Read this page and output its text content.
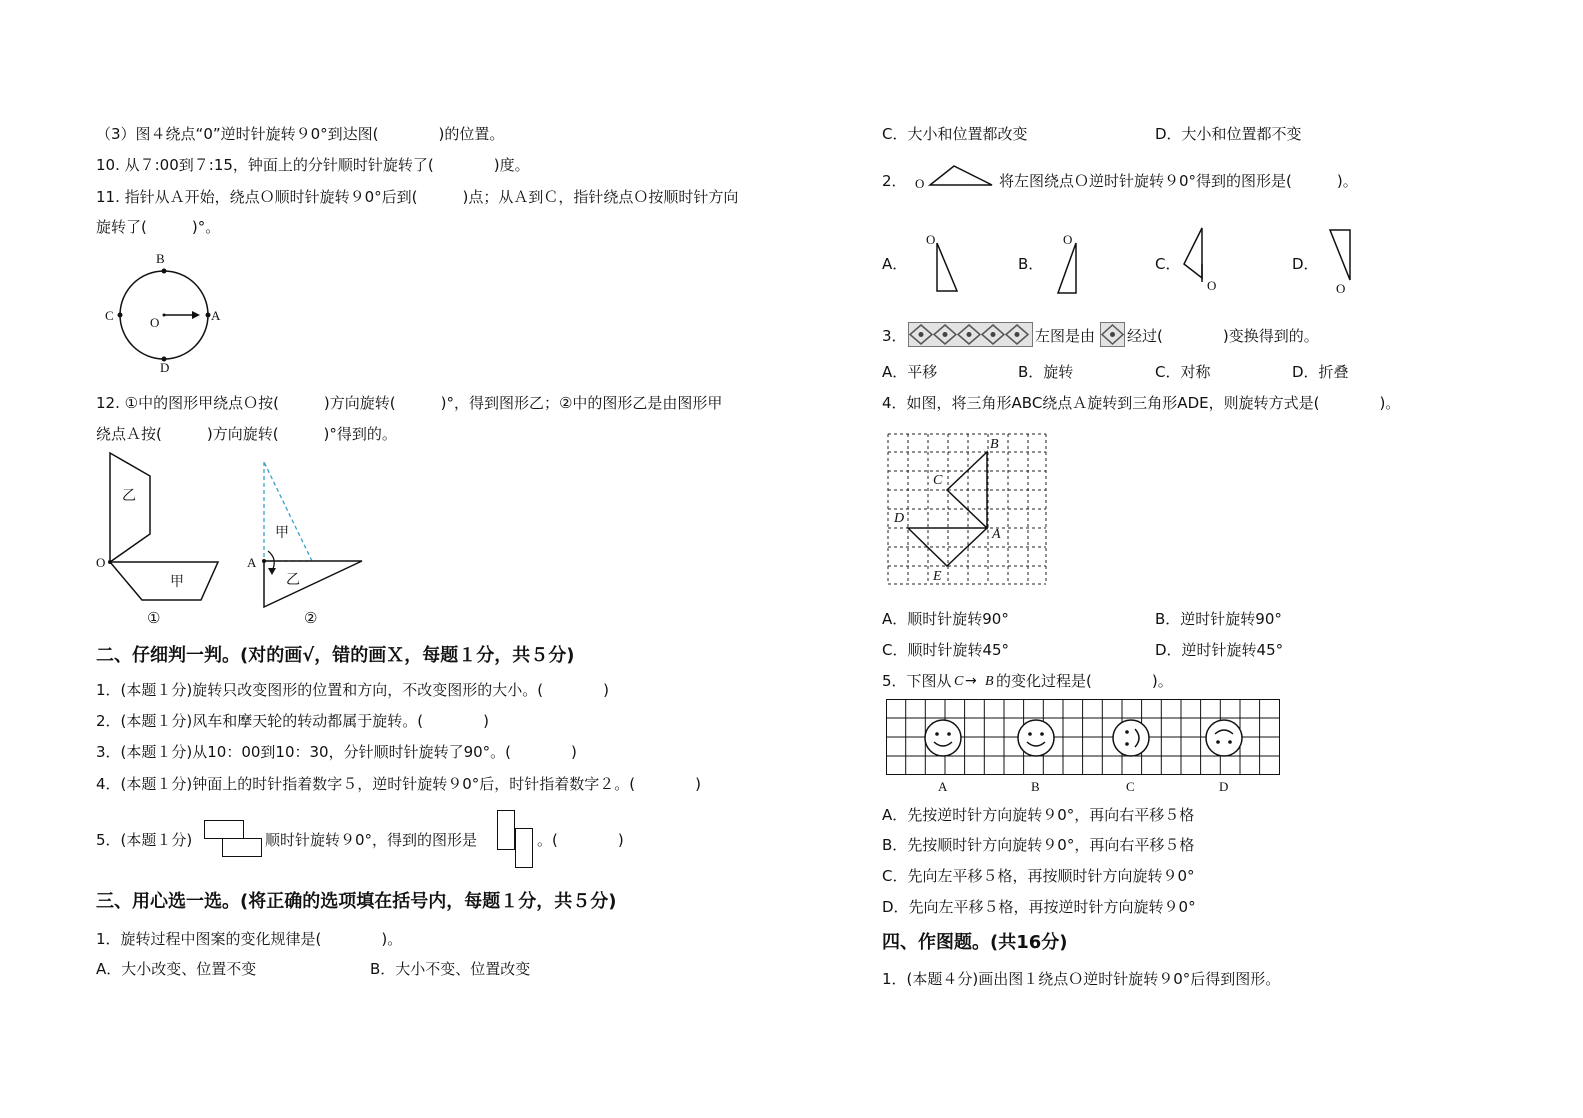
（3）图４绕点“0”逆时针旋转９0°到达图(　　　　)的位置。
10. 从７:00到７:15，钟面上的分针顺时针旋转了(　　　　)度。
11. 指针从Ａ开始，绕点Ｏ顺时针旋转９0°后到(　　　)点；从Ａ到Ｃ，指针绕点Ｏ按顺时针方向
旋转了(　　　)°。
B
C	O	A
D
12. ①中的图形甲绕点Ｏ按(　　　)方向旋转(　　　)°，得到图形乙；②中的图形乙是由图形甲
绕点Ａ按(　　　)方向旋转(　　　)°得到的。
乙
甲
O
①
甲
乙
A
②
二、仔细判一判。(对的画√，错的画Ｘ，每题１分，共５分)
1．(本题１分)旋转只改变图形的位置和方向，不改变图形的大小。(　　　　)
2．(本题１分)风车和摩天轮的转动都属于旋转。(　　　　)
3．(本题１分)从10：00到10：30，分针顺时针旋转了90°。(　　　　)
4．(本题１分)钟面上的时针指着数字５，逆时针旋转９0°后，时针指着数字２。(　　　　)
5．(本题１分)	顺时针旋转９0°，得到的图形是	。(　　　　)
三、用心选一选。(将正确的选项填在括号内，每题１分，共５分)
1．旋转过程中图案的变化规律是(　　　　)。
A．大小改变、位置不变	B．大小不变、位置改变
C．大小和位置都改变	D．大小和位置都不变
2． O	将左图绕点Ｏ逆时针旋转９0°得到的图形是(　　　)。
A．
O
B．
O
C．
O
D．
O
3．	左图是由 经过(　　　　)变换得到的。
A．平移	B．旋转	C．对称	D．折叠
4．如图，将三角形ABC绕点Ａ旋转到三角形ADE，则旋转方式是(　　　　)。
B
C
D
A
E
A．顺时针旋转90°	B．逆时针旋转90°
C．顺时针旋转45°	D．逆时针旋转45°
5．下图从 C → B 的变化过程是(　　　　)。
A	B	C	D
A．先按逆时针方向旋转９0°，再向右平移５格
B．先按顺时针方向旋转９0°，再向右平移５格
C．先向左平移５格，再按顺时针方向旋转９0°
D．先向左平移５格，再按逆时针方向旋转９0°
四、作图题。(共16分)
1．(本题４分)画出图１绕点Ｏ逆时针旋转９0°后得到图形。
